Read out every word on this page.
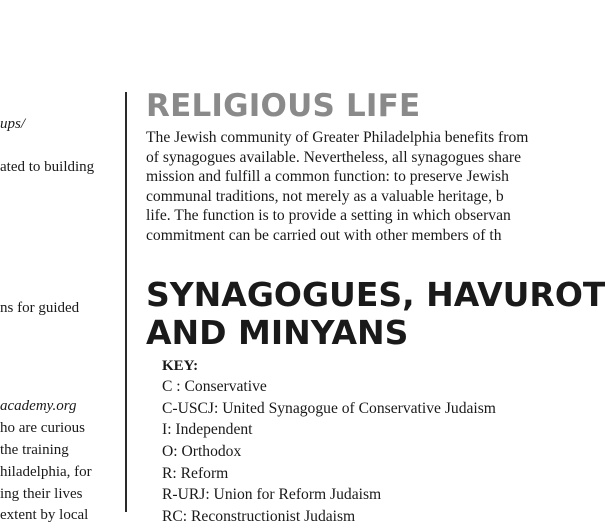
ups/
ated to building
ns for guided
academy.org
ho are curious
the training
hiladelphia, for
ing their lives
extent by local
RELIGIOUS LIFE
The Jewish community of Greater Philadelphia benefits from
of synagogues available. Nevertheless, all synagogues share
mission and fulfill a common function: to preserve Jewish
communal traditions, not merely as a valuable heritage, b
life. The function is to provide a setting in which observan
commitment can be carried out with other members of th
SYNAGOGUES, HAVUROT
AND MINYANS
KEY:
C : Conservative
C-USCJ: United Synagogue of Conservative Judaism
I: Independent
O: Orthodox
R: Reform
R-URJ: Union for Reform Judaism
RC: Reconstructionist Judaism
